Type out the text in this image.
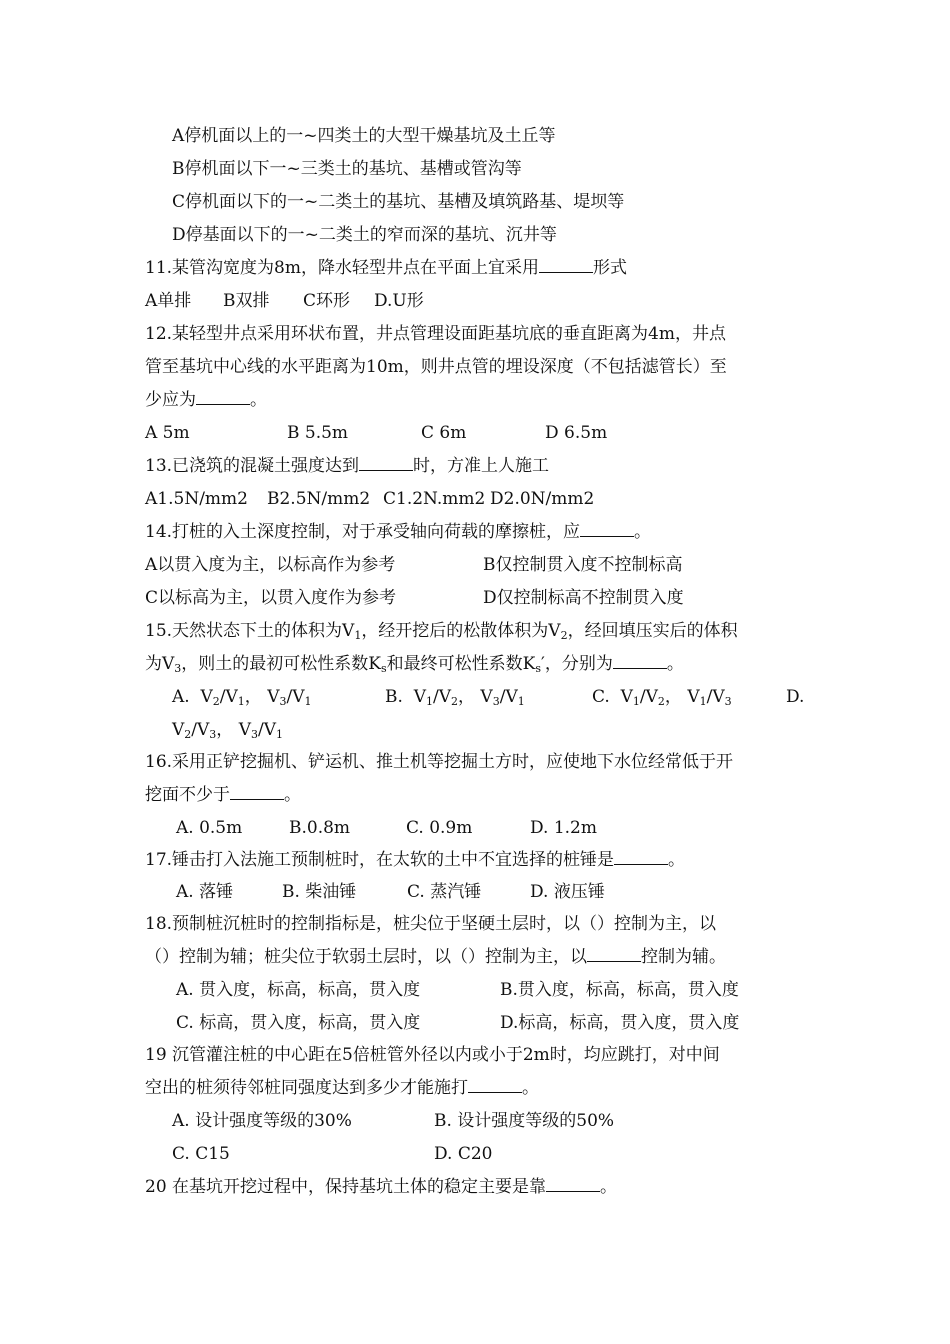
A停机面以上的一~四类土的大型干燥基坑及土丘等
B停机面以下一~三类土的基坑、基槽或管沟等
C停机面以下的一~二类土的基坑、基槽及填筑路基、堤坝等
D停基面以下的一~二类土的窄而深的基坑、沉井等
11.某管沟宽度为8m，降水轻型井点在平面上宜采用	形式
A单排 B双排 C环形 D.U形
12.某轻型井点采用环状布置，井点管理设面距基坑底的垂直距离为4m，井点
管至基坑中心线的水平距离为10m，则井点管的埋设深度（不包括滤管长）至
少应为	。
A 5m	B 5.5m	C 6m	D 6.5m
13.已浇筑的混凝土强度达到	时，方准上人施工
A1.5N/mm2 B2.5N/mm2 C1.2N.mm2 D2.0N/mm2
14.打桩的入土深度控制，对于承受轴向荷载的摩擦桩，应	。
A以贯入度为主，以标高作为参考	B仅控制贯入度不控制标高
C以标高为主，以贯入度作为参考	D仅控制标高不控制贯入度
15.天然状态下土的体积为$V_1$，经开挖后的松散体积为$V_2$，经回填压实后的体积
为$V_3$，则土的最初可松性系数$K_s$和最终可松性系数$K_s'$，分别为	。
A. $V_2/V_1$， $V_3/V_1$	B. $V_1/V_2$， $V_3/V_1$	C. $V_1/V_2$， $V_1/V_3$	D.
$V_2/V_3$， $V_3/V_1$
16.采用正铲挖掘机、铲运机、推土机等挖掘土方时，应使地下水位经常低于开
挖面不少于	。
A. 0.5m	B.0.8m	C. 0.9m	D. 1.2m
17.锤击打入法施工预制桩时，在太软的土中不宜选择的桩锤是	。
A. 落锤	B. 柴油锤	C. 蒸汽锤	D. 液压锤
18.预制桩沉桩时的控制指标是，桩尖位于坚硬土层时，以（）控制为主，以
（）控制为辅；桩尖位于软弱土层时，以（）控制为主，以	控制为辅。
A. 贯入度，标高，标高，贯入度	B.贯入度，标高，标高，贯入度
C. 标高，贯入度，标高，贯入度	D.标高，标高，贯入度，贯入度
19 沉管灌注桩的中心距在5倍桩管外径以内或小于2m时，均应跳打，对中间
空出的桩须待邻桩同强度达到多少才能施打	。
A. 设计强度等级的30%	B. 设计强度等级的50%
C. C15	D. C20
20 在基坑开挖过程中，保持基坑土体的稳定主要是靠	。
